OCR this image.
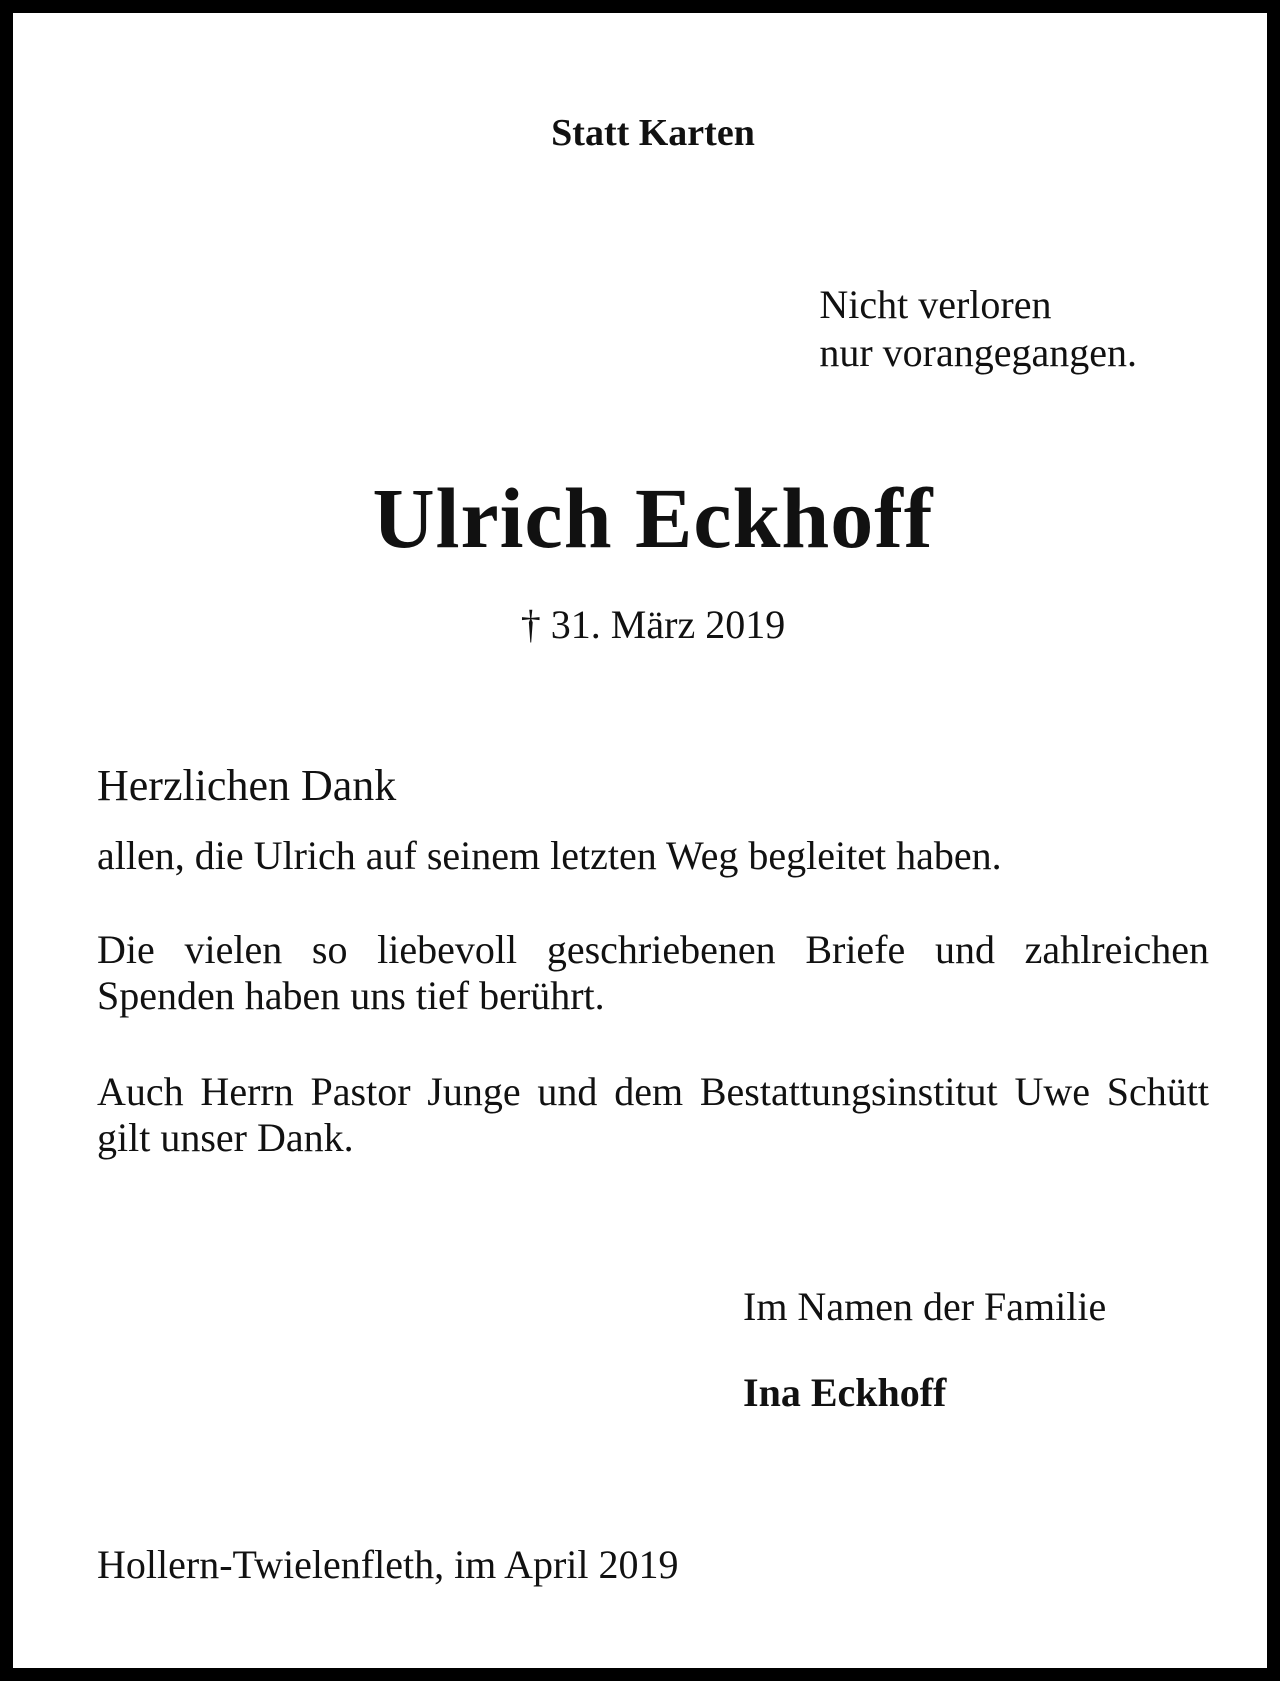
Statt Karten

Nicht verloren
nur vorangegangen.
Ulrich Eckhoff

† 31. März 2019

Herzlichen Dank

allen, die Ulrich auf seinem letzten Weg begleitet haben.

Die vielen so liebevoll geschriebenen Briefe und zahlreichen Spenden haben uns tief berührt.

Auch Herrn Pastor Junge und dem Bestattungsinstitut Uwe Schütt gilt unser Dank.

Im Namen der Familie

Ina Eckhoff

Hollern-Twielenfleth, im April 2019
